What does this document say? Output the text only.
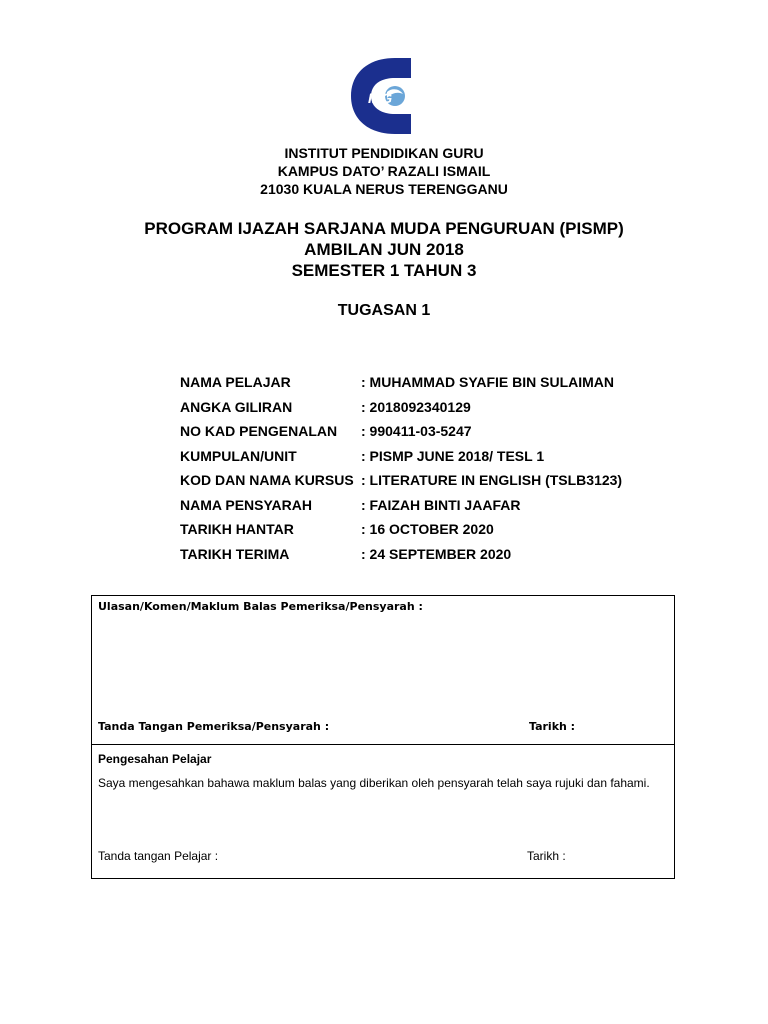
IPG
INSTITUT PENDIDIKAN GURU
KAMPUS DATO’ RAZALI ISMAIL
21030 KUALA NERUS TERENGGANU
PROGRAM IJAZAH SARJANA MUDA PENGURUAN (PISMP)
AMBILAN JUN 2018
SEMESTER 1 TAHUN 3
TUGASAN 1
NAMA PELAJAR	: MUHAMMAD SYAFIE BIN SULAIMAN
ANGKA GILIRAN	: 2018092340129
NO KAD PENGENALAN : 990411-03-5247
KUMPULAN/UNIT	: PISMP JUNE 2018/ TESL 1
KOD DAN NAMA KURSUS : LITERATURE IN ENGLISH (TSLB3123)
NAMA PENSYARAH	: FAIZAH BINTI JAAFAR
TARIKH HANTAR	: 16 OCTOBER 2020
TARIKH TERIMA	: 24 SEPTEMBER 2020
Ulasan/Komen/Maklum Balas Pemeriksa/Pensyarah :
Tanda Tangan Pemeriksa/Pensyarah :	Tarikh :
Pengesahan Pelajar
Saya mengesahkan bahawa maklum balas yang diberikan oleh pensyarah telah saya rujuki dan fahami.
Tanda tangan Pelajar :	Tarikh :
